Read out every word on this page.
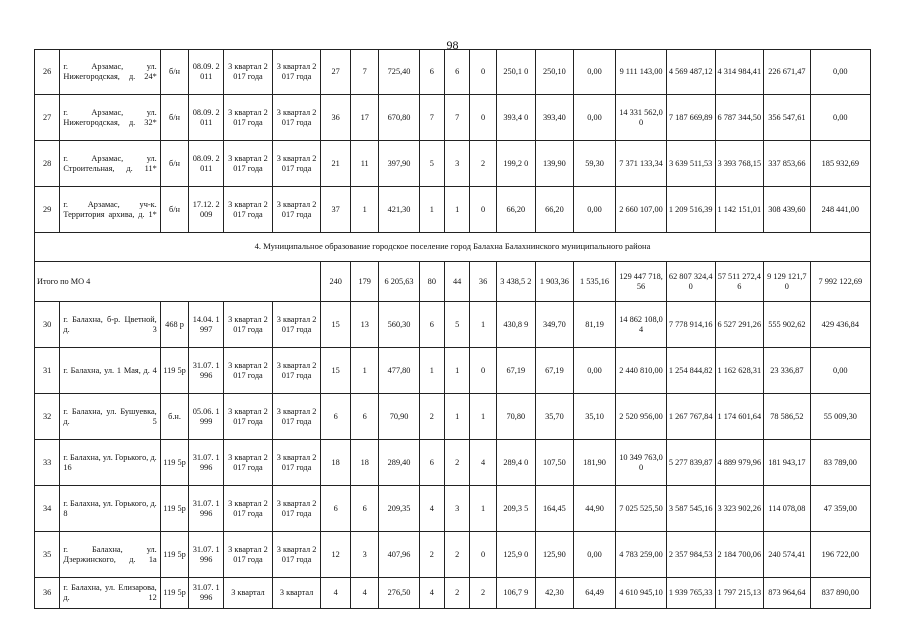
98
26	г. Арзамас, ул. Нижегородская, д. 24*	б/н	08.09. 2011	3 квартал 2017 года	3 квартал 2017 года	27	7	725,40	6	6	0	250,1 0	250,10	0,00	9 111 143,00	4 569 487,12	4 314 984,41	226 671,47	0,00
27	г. Арзамас, ул. Нижегородская, д. 32*	б/н	08.09. 2011	3 квартал 2017 года	3 квартал 2017 года	36	17	670,80	7	7	0	393,4 0	393,40	0,00	14 331 562,00	7 187 669,89	6 787 344,50	356 547,61	0,00
28	г. Арзамас, ул. Строительная, д. 11*	б/н	08.09. 2011	3 квартал 2017 года	3 квартал 2017 года	21	11	397,90	5	3	2	199,2 0	139,90	59,30	7 371 133,34	3 639 511,53	3 393 768,15	337 853,66	185 932,69
29	г. Арзамас, уч-к. Территория архива, д. 1*	б/н	17.12. 2009	3 квартал 2017 года	3 квартал 2017 года	37	1	421,30	1	1	0	66,20	66,20	0,00	2 660 107,00	1 209 516,39	1 142 151,01	308 439,60	248 441,00
4. Муниципальное образование городское поселение город Балахна Балахнинского муниципального района																			
Итого по МО 4						240	179	6 205,63	80	44	36	3 438,5 2	1 903,36	1 535,16	129 447 718,56	62 807 324,40	57 511 272,46	9 129 121,70	7 992 122,69
30	г. Балахна, б-р. Цветной, д. 3	468 р	14.04. 1997	3 квартал 2017 года	3 квартал 2017 года	15	13	560,30	6	5	1	430,8 9	349,70	81,19	14 862 108,04	7 778 914,16	6 527 291,26	555 902,62	429 436,84
31	г. Балахна, ул. 1 Мая, д. 4	119 5р	31.07. 1996	3 квартал 2017 года	3 квартал 2017 года	15	1	477,80	1	1	0	67,19	67,19	0,00	2 440 810,00	1 254 844,82	1 162 628,31	23 336,87	0,00
32	г. Балахна, ул. Бушуевка, д. 5	б.н.	05.06. 1999	3 квартал 2017 года	3 квартал 2017 года	6	6	70,90	2	1	1	70,80	35,70	35,10	2 520 956,00	1 267 767,84	1 174 601,64	78 586,52	55 009,30
33	г. Балахна, ул. Горького, д. 16	119 5р	31.07. 1996	3 квартал 2017 года	3 квартал 2017 года	18	18	289,40	6	2	4	289,4 0	107,50	181,90	10 349 763,00	5 277 839,87	4 889 979,96	181 943,17	83 789,00
34	г. Балахна, ул. Горького, д. 8	119 5р	31.07. 1996	3 квартал 2017 года	3 квартал 2017 года	6	6	209,35	4	3	1	209,3 5	164,45	44,90	7 025 525,50	3 587 545,16	3 323 902,26	114 078,08	47 359,00
35	г. Балахна, ул. Дзержинского, д. 1а	119 5р	31.07. 1996	3 квартал 2017 года	3 квартал 2017 года	12	3	407,96	2	2	0	125,9 0	125,90	0,00	4 783 259,00	2 357 984,53	2 184 700,06	240 574,41	196 722,00
36	г. Балахна, ул. Елизарова, д. 12	119 5р	31.07. 1996	3 квартал	3 квартал	4	4	276,50	4	2	2	106,7 9	42,30	64,49	4 610 945,10	1 939 765,33	1 797 215,13	873 964,64	837 890,00
